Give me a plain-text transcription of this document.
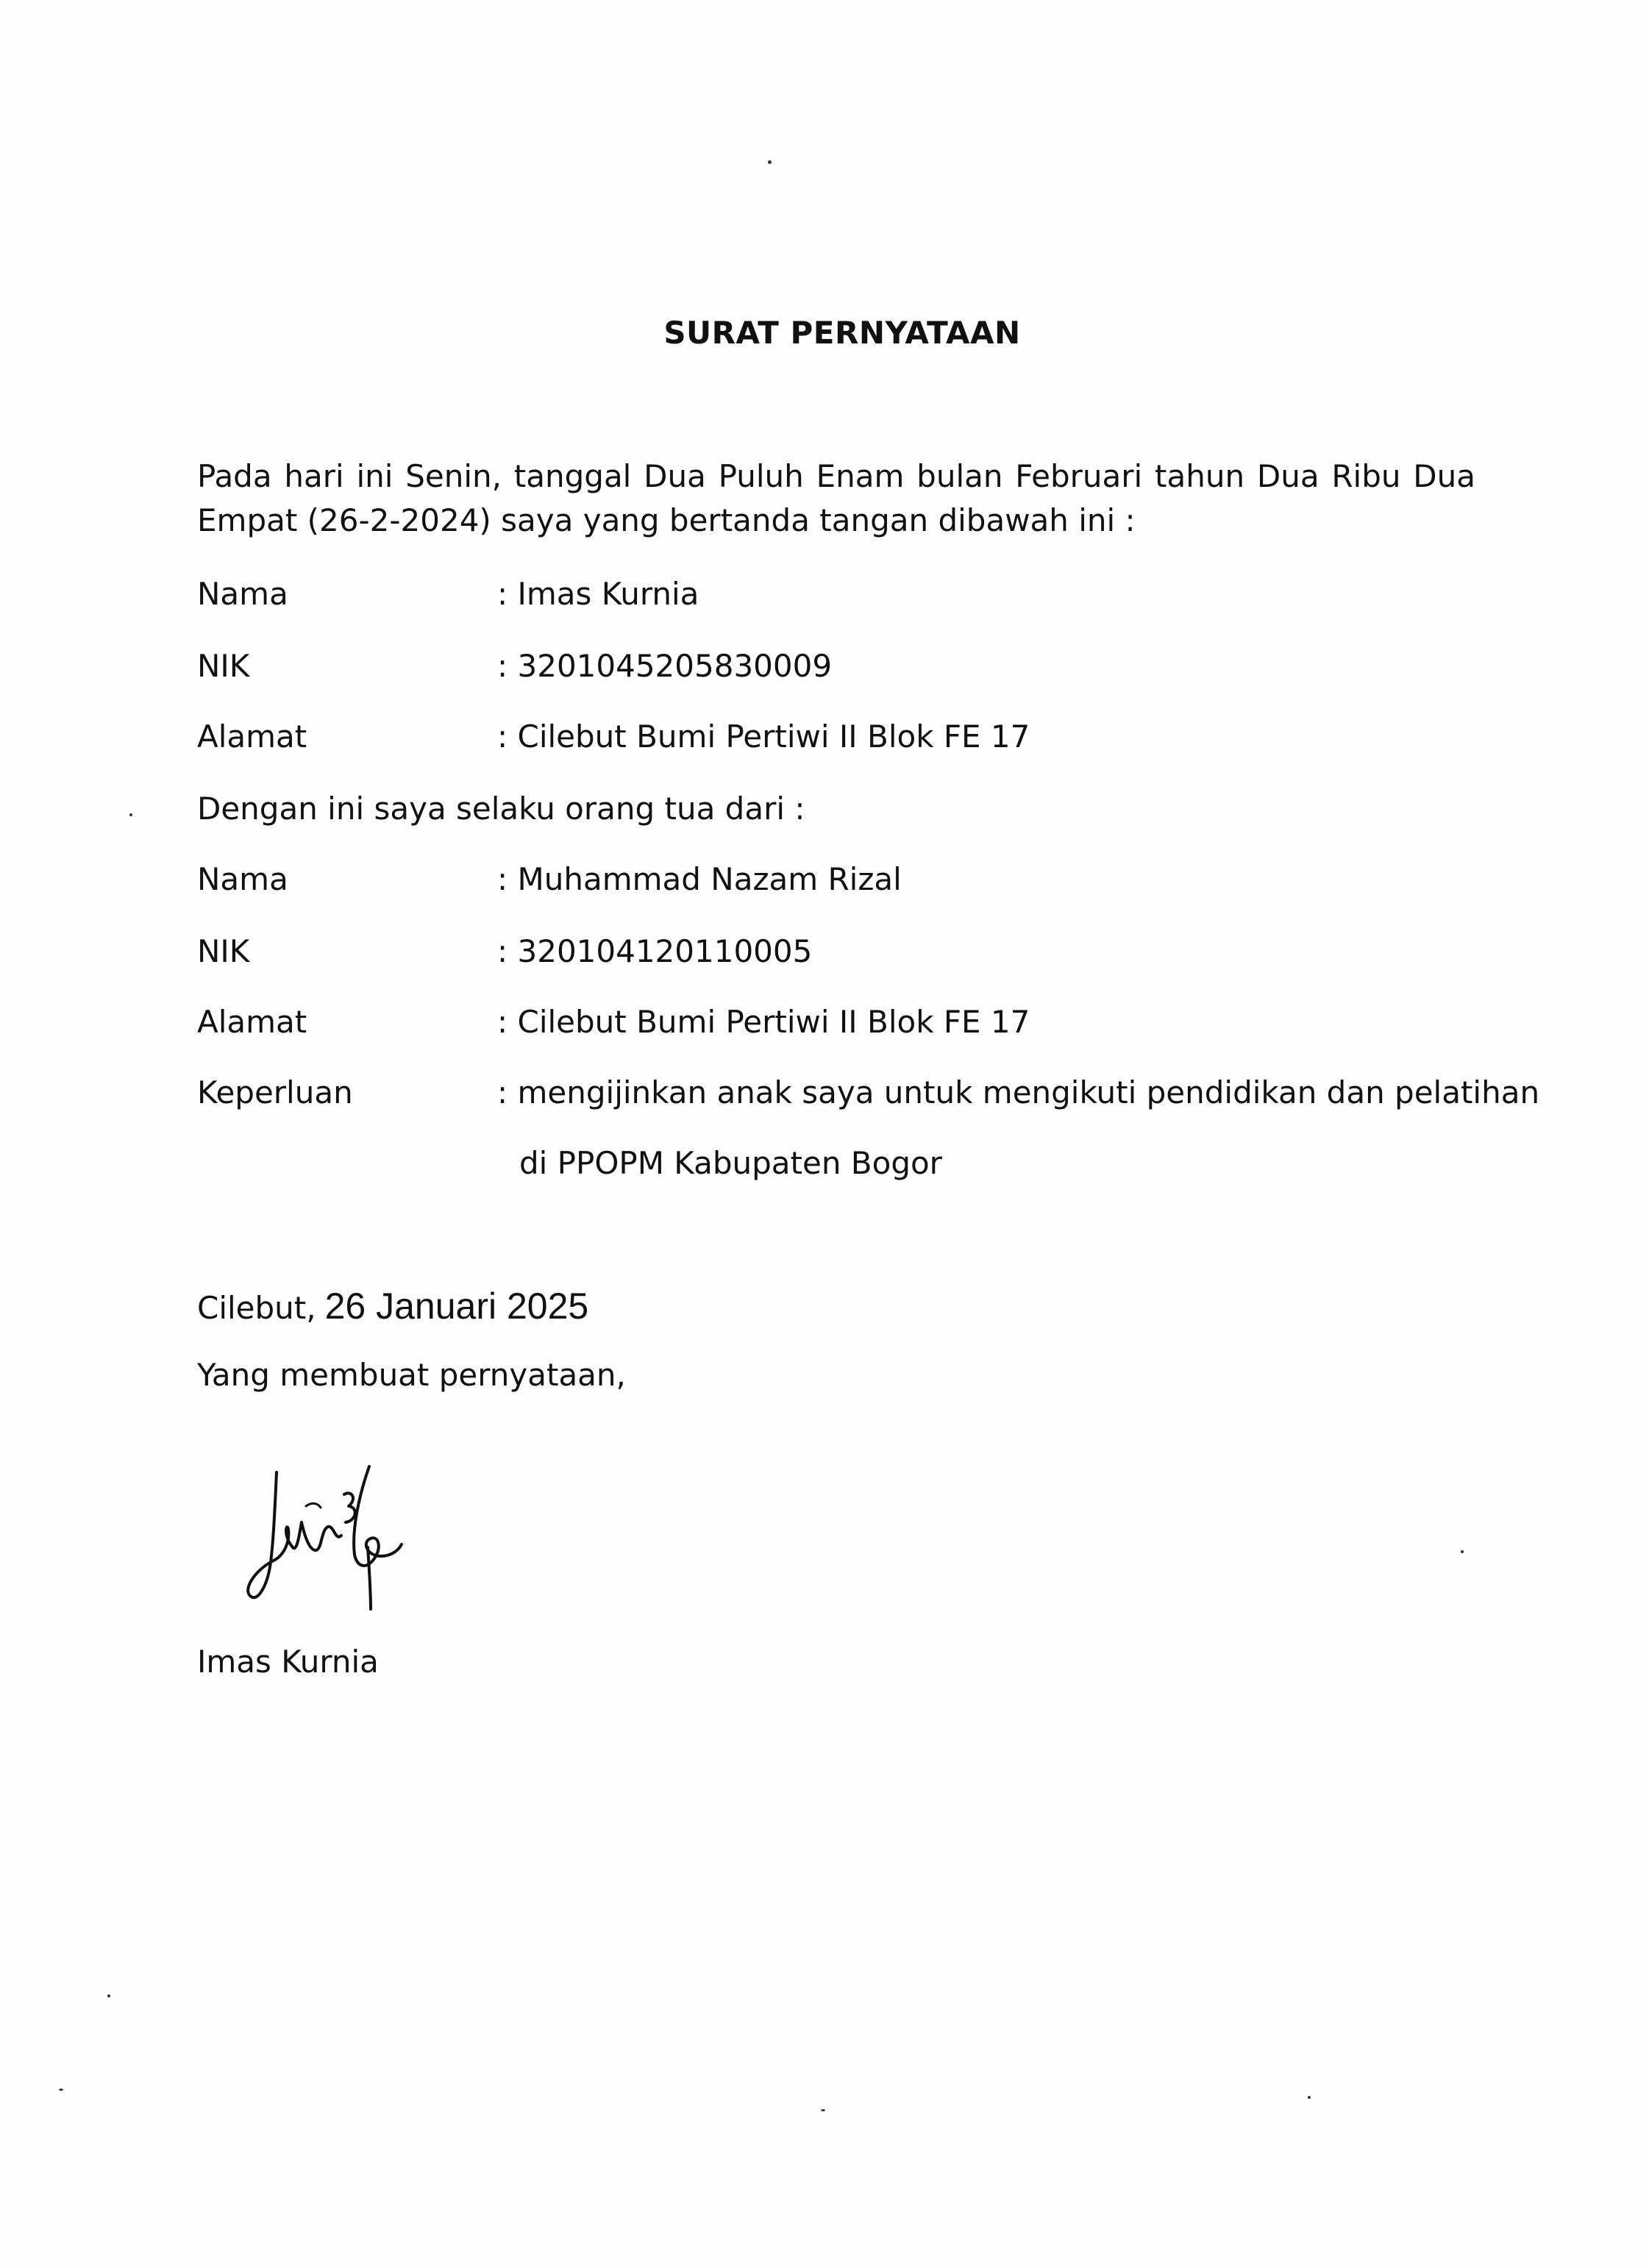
SURAT PERNYATAAN
Pada hari ini Senin, tanggal Dua Puluh Enam bulan Februari tahun Dua Ribu Dua Empat (26-2-2024) saya yang bertanda tangan dibawah ini :
Nama	: Imas Kurnia
NIK	: 3201045205830009
Alamat	: Cilebut Bumi Pertiwi II Blok FE 17
Dengan ini saya selaku orang tua dari :
Nama	: Muhammad Nazam Rizal
NIK	: 320104120110005
Alamat	: Cilebut Bumi Pertiwi II Blok FE 17
Keperluan	: mengijinkan anak saya untuk mengikuti pendidikan dan pelatihan
di PPOPM Kabupaten Bogor
Cilebut, 26 Januari 2025
Yang membuat pernyataan,
Imas Kurnia
